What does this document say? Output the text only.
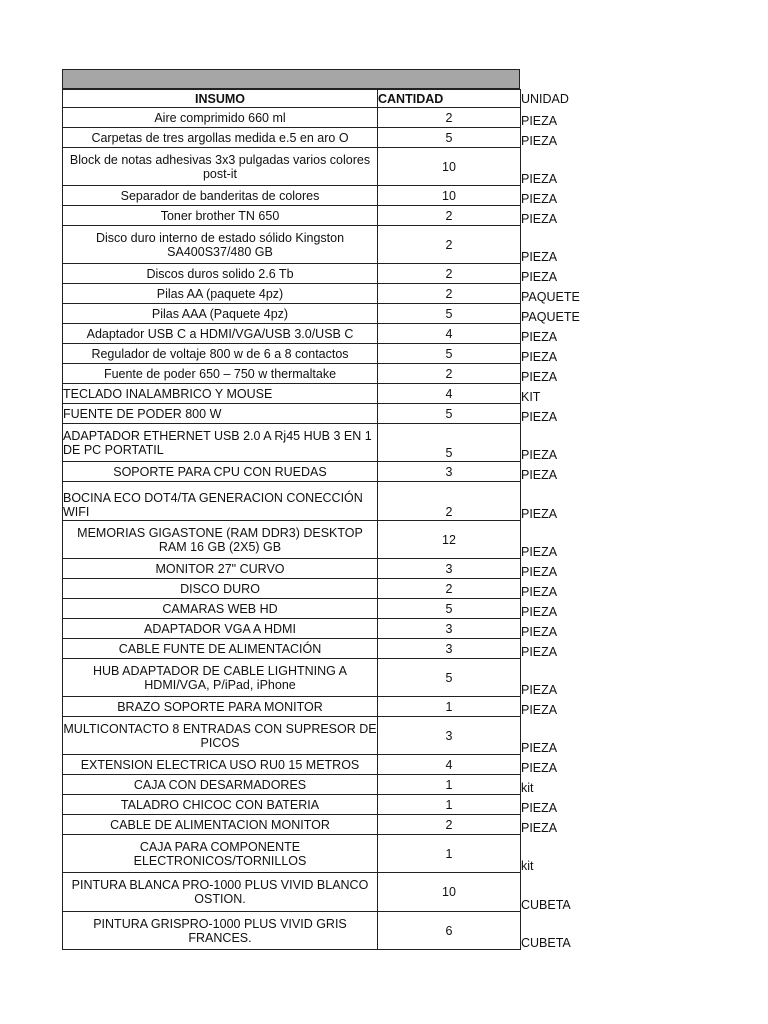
INSUMO	CANTIDAD	UNIDAD
Aire comprimido 660 ml	2	PIEZA
Carpetas de tres argollas medida e.5 en aro O	5	PIEZA
Block de notas adhesivas 3x3 pulgadas varios colores post-it	10	PIEZA
Separador de banderitas de colores	10	PIEZA
Toner brother TN 650	2	PIEZA
Disco duro interno de estado sólido Kingston SA400S37/480 GB	2	PIEZA
Discos duros solido 2.6 Tb	2	PIEZA
Pilas AA (paquete 4pz)	2	PAQUETE
Pilas AAA (Paquete 4pz)	5	PAQUETE
Adaptador USB C a HDMI/VGA/USB 3.0/USB C	4	PIEZA
Regulador de voltaje 800 w de 6 a 8 contactos	5	PIEZA
Fuente de poder 650 – 750 w thermaltake	2	PIEZA
TECLADO INALAMBRICO Y MOUSE	4	KIT
FUENTE DE PODER 800 W	5	PIEZA
ADAPTADOR ETHERNET USB 2.0 A Rj45 HUB 3 EN 1 DE PC PORTATIL	5	PIEZA
SOPORTE PARA CPU CON RUEDAS	3	PIEZA
BOCINA ECO DOT4/TA GENERACION CONECCIÓN WIFI	2	PIEZA
MEMORIAS GIGASTONE (RAM DDR3) DESKTOP RAM 16 GB (2X5) GB	12	PIEZA
MONITOR 27" CURVO	3	PIEZA
DISCO DURO	2	PIEZA
CAMARAS WEB HD	5	PIEZA
ADAPTADOR VGA A HDMI	3	PIEZA
CABLE FUNTE DE ALIMENTACIÓN	3	PIEZA
HUB ADAPTADOR DE CABLE LIGHTNING A HDMI/VGA, P/iPad, iPhone	5	PIEZA
BRAZO SOPORTE PARA MONITOR	1	PIEZA
MULTICONTACTO 8 ENTRADAS CON SUPRESOR DE PICOS	3	PIEZA
EXTENSION ELECTRICA USO RU0 15 METROS	4	PIEZA
CAJA CON DESARMADORES	1	kit
TALADRO CHICOC CON BATERIA	1	PIEZA
CABLE DE ALIMENTACION MONITOR	2	PIEZA
CAJA PARA COMPONENTE ELECTRONICOS/TORNILLOS	1	kit
PINTURA BLANCA PRO-1000 PLUS VIVID BLANCO OSTION.	10	CUBETA
PINTURA GRISPRO-1000 PLUS VIVID GRIS FRANCES.	6	CUBETA
